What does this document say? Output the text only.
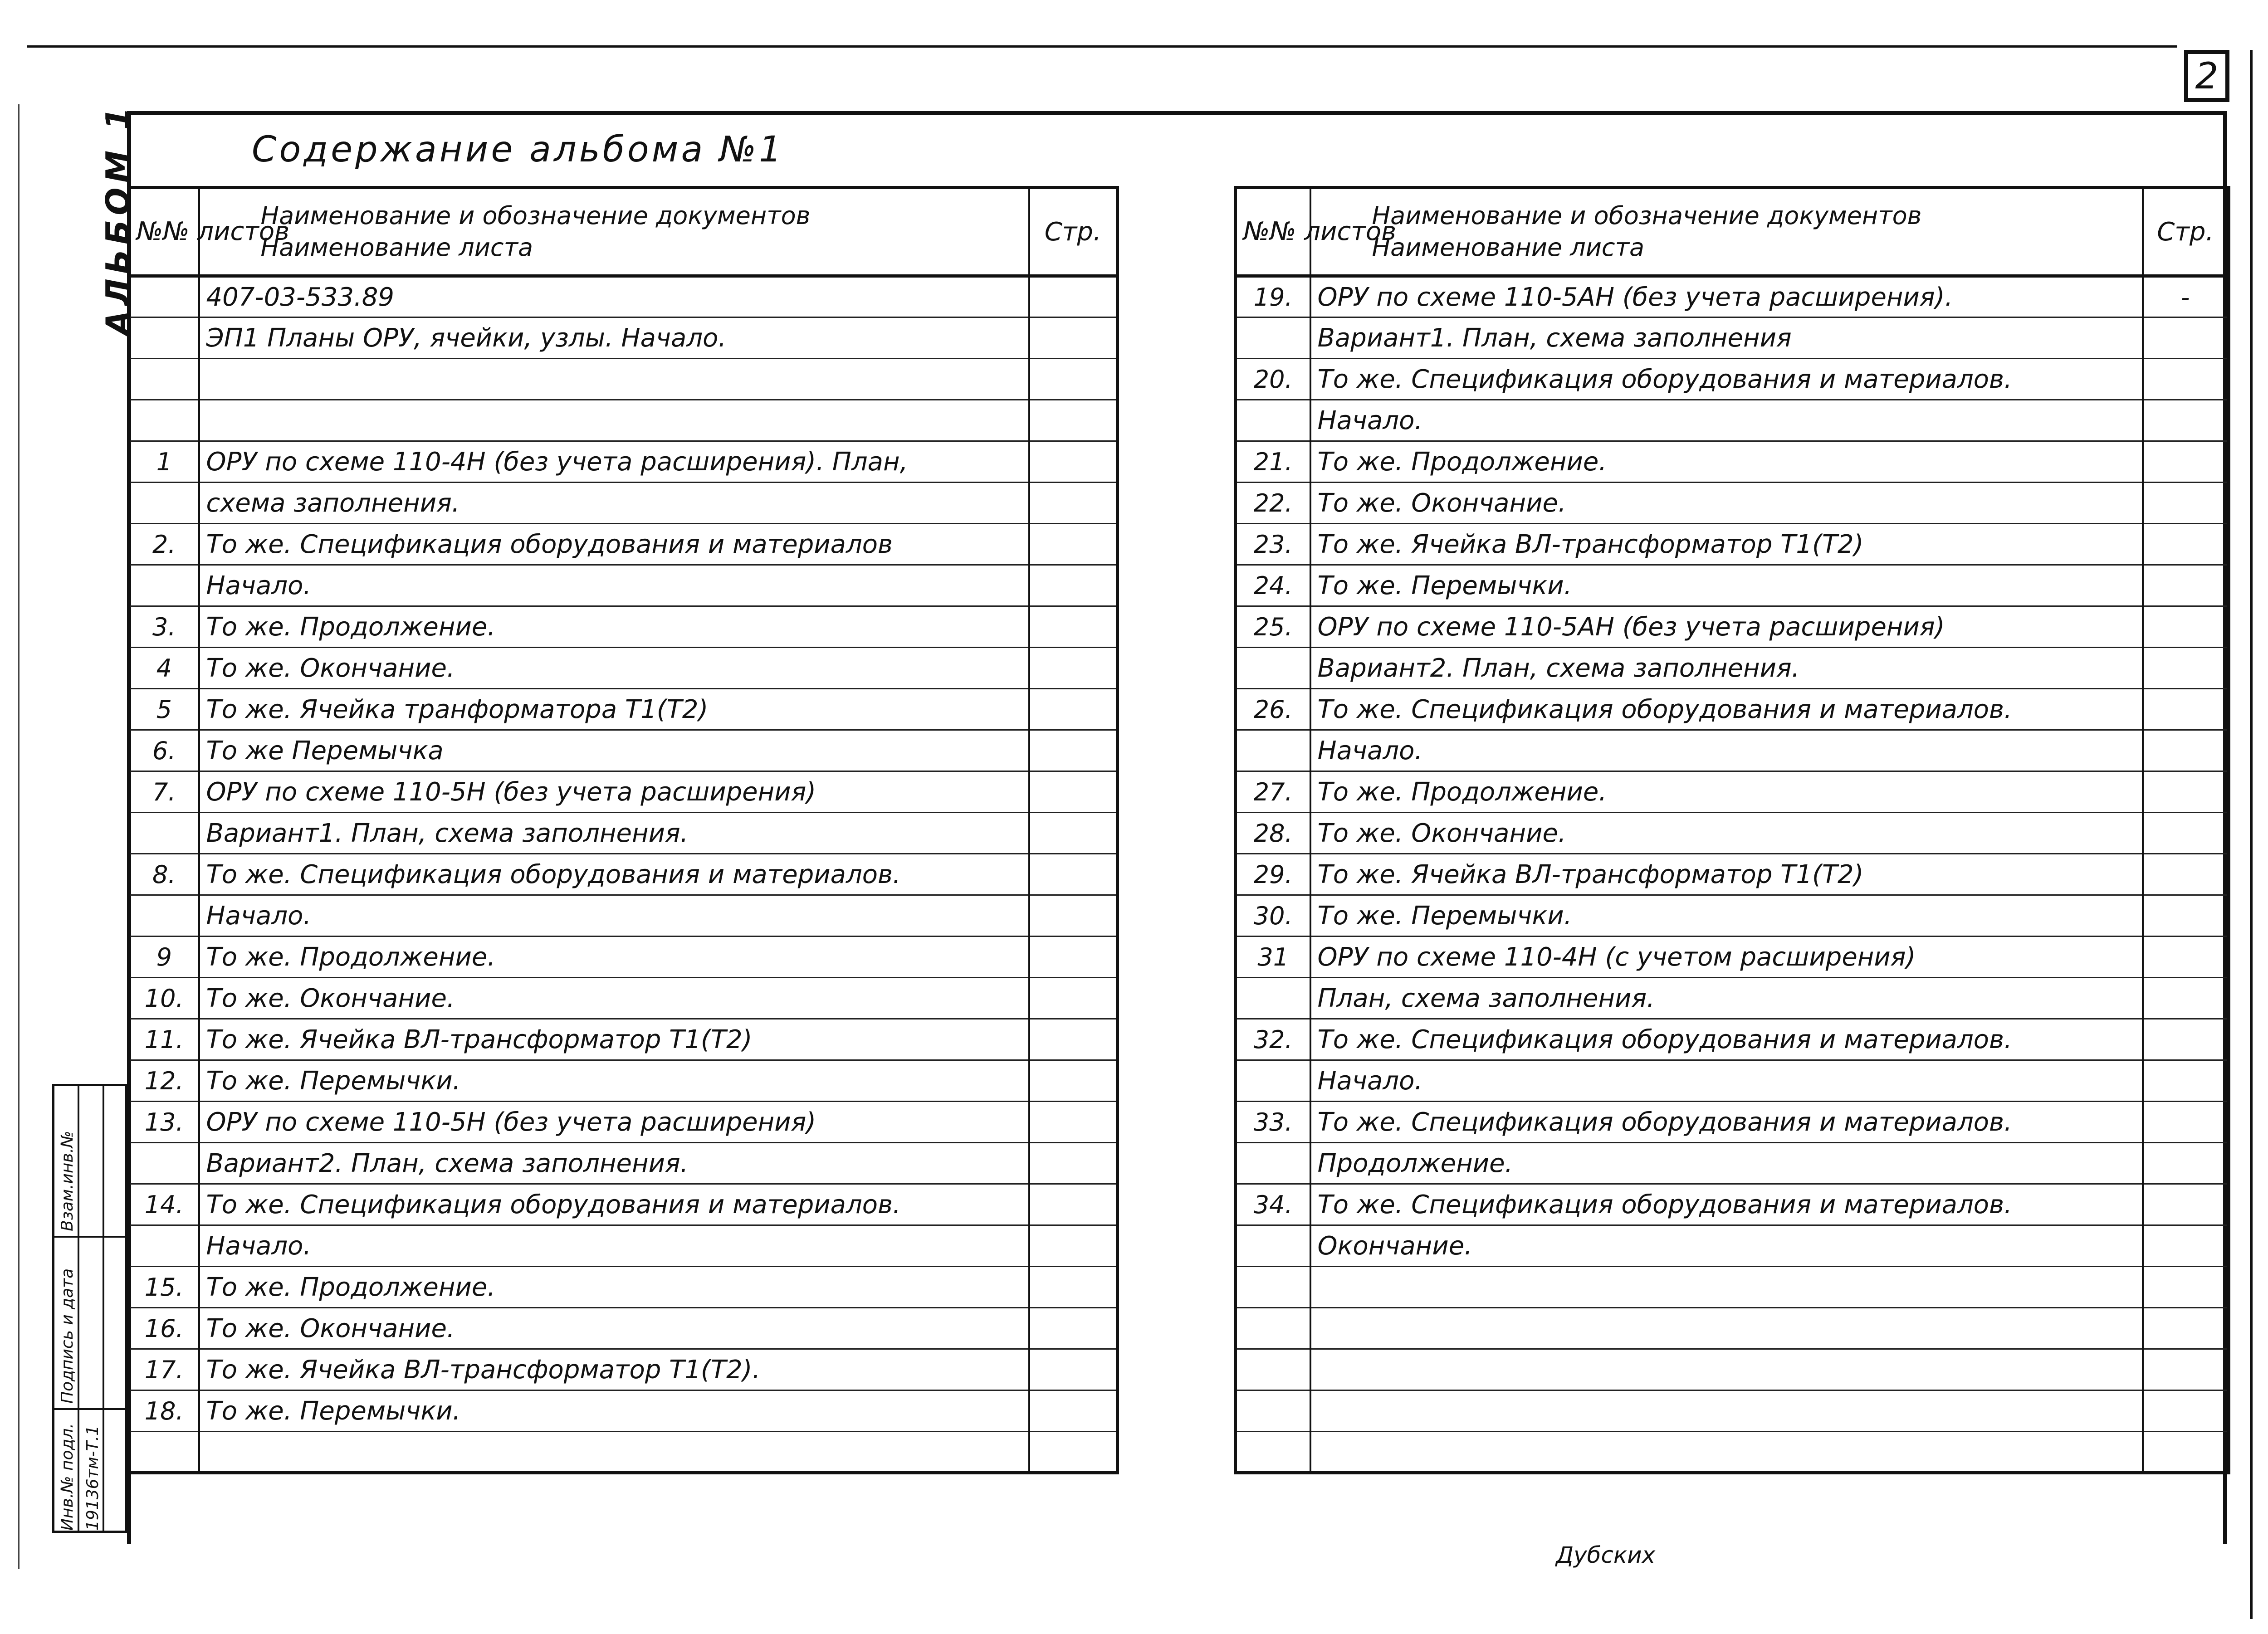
2
Содержание альбома №1
АЛЬБОМ 1 №№ листов	Наименование и обозначение документов
Наименование листа	Стр.
	407-03-533.89	
	ЭП1 Планы ОРУ, ячейки, узлы. Начало.	

1	ОРУ по схеме 110-4Н (без учета расширения). План,	
	схема заполнения.	
2.	То же. Спецификация оборудования и материалов	
	Начало.	
3.	То же. Продолжение.	
4	То же. Окончание.	
5	То же. Ячейка транформатора Т1(Т2)	
6.	То же Перемычка	
7.	ОРУ по схеме 110-5Н (без учета расширения)	
	Вариант1. План, схема заполнения.	
8.	То же. Спецификация оборудования и материалов.	
	Начало.	
9	То же. Продолжение.	
10.	То же. Окончание.	
11.	То же. Ячейка ВЛ-трансформатор Т1(Т2)	
12.	То же. Перемычки.	
13.	ОРУ по схеме 110-5Н (без учета расширения)	
	Вариант2. План, схема заполнения.	
14.	То же. Спецификация оборудования и материалов.	
	Начало.	
15.	То же. Продолжение.	
16.	То же. Окончание.	
17.	То же. Ячейка ВЛ-трансформатор Т1(Т2).	
18.	То же. Перемычки.	

№№ листов	Наименование и обозначение документов
Наименование листа	Стр.
19.	ОРУ по схеме 110-5АН (без учета расширения).	-
	Вариант1. План, схема заполнения	
20.	То же. Спецификация оборудования и материалов.	
	Начало.	
21.	То же. Продолжение.	
22.	То же. Окончание.	
23.	То же. Ячейка ВЛ-трансформатор Т1(Т2)	
24.	То же. Перемычки.	
25.	ОРУ по схеме 110-5АН (без учета расширения)	
	Вариант2. План, схема заполнения.	
26.	То же. Спецификация оборудования и материалов.	
	Начало.	
27.	То же. Продолжение.	
28.	То же. Окончание.	
29.	То же. Ячейка ВЛ-трансформатор Т1(Т2)	
30.	То же. Перемычки.	
31	ОРУ по схеме 110-4Н (с учетом расширения)	
	План, схема заполнения.	
32.	То же. Спецификация оборудования и материалов.	
	Начало.	
33.	То же. Спецификация оборудования и материалов.	
	Продолжение.	
34.	То же. Спецификация оборудования и материалов.	
	Окончание.	

Взам.инв.№
Подпись и дата
Инв.№ подл. 19136тм-Т.1
Дубских
